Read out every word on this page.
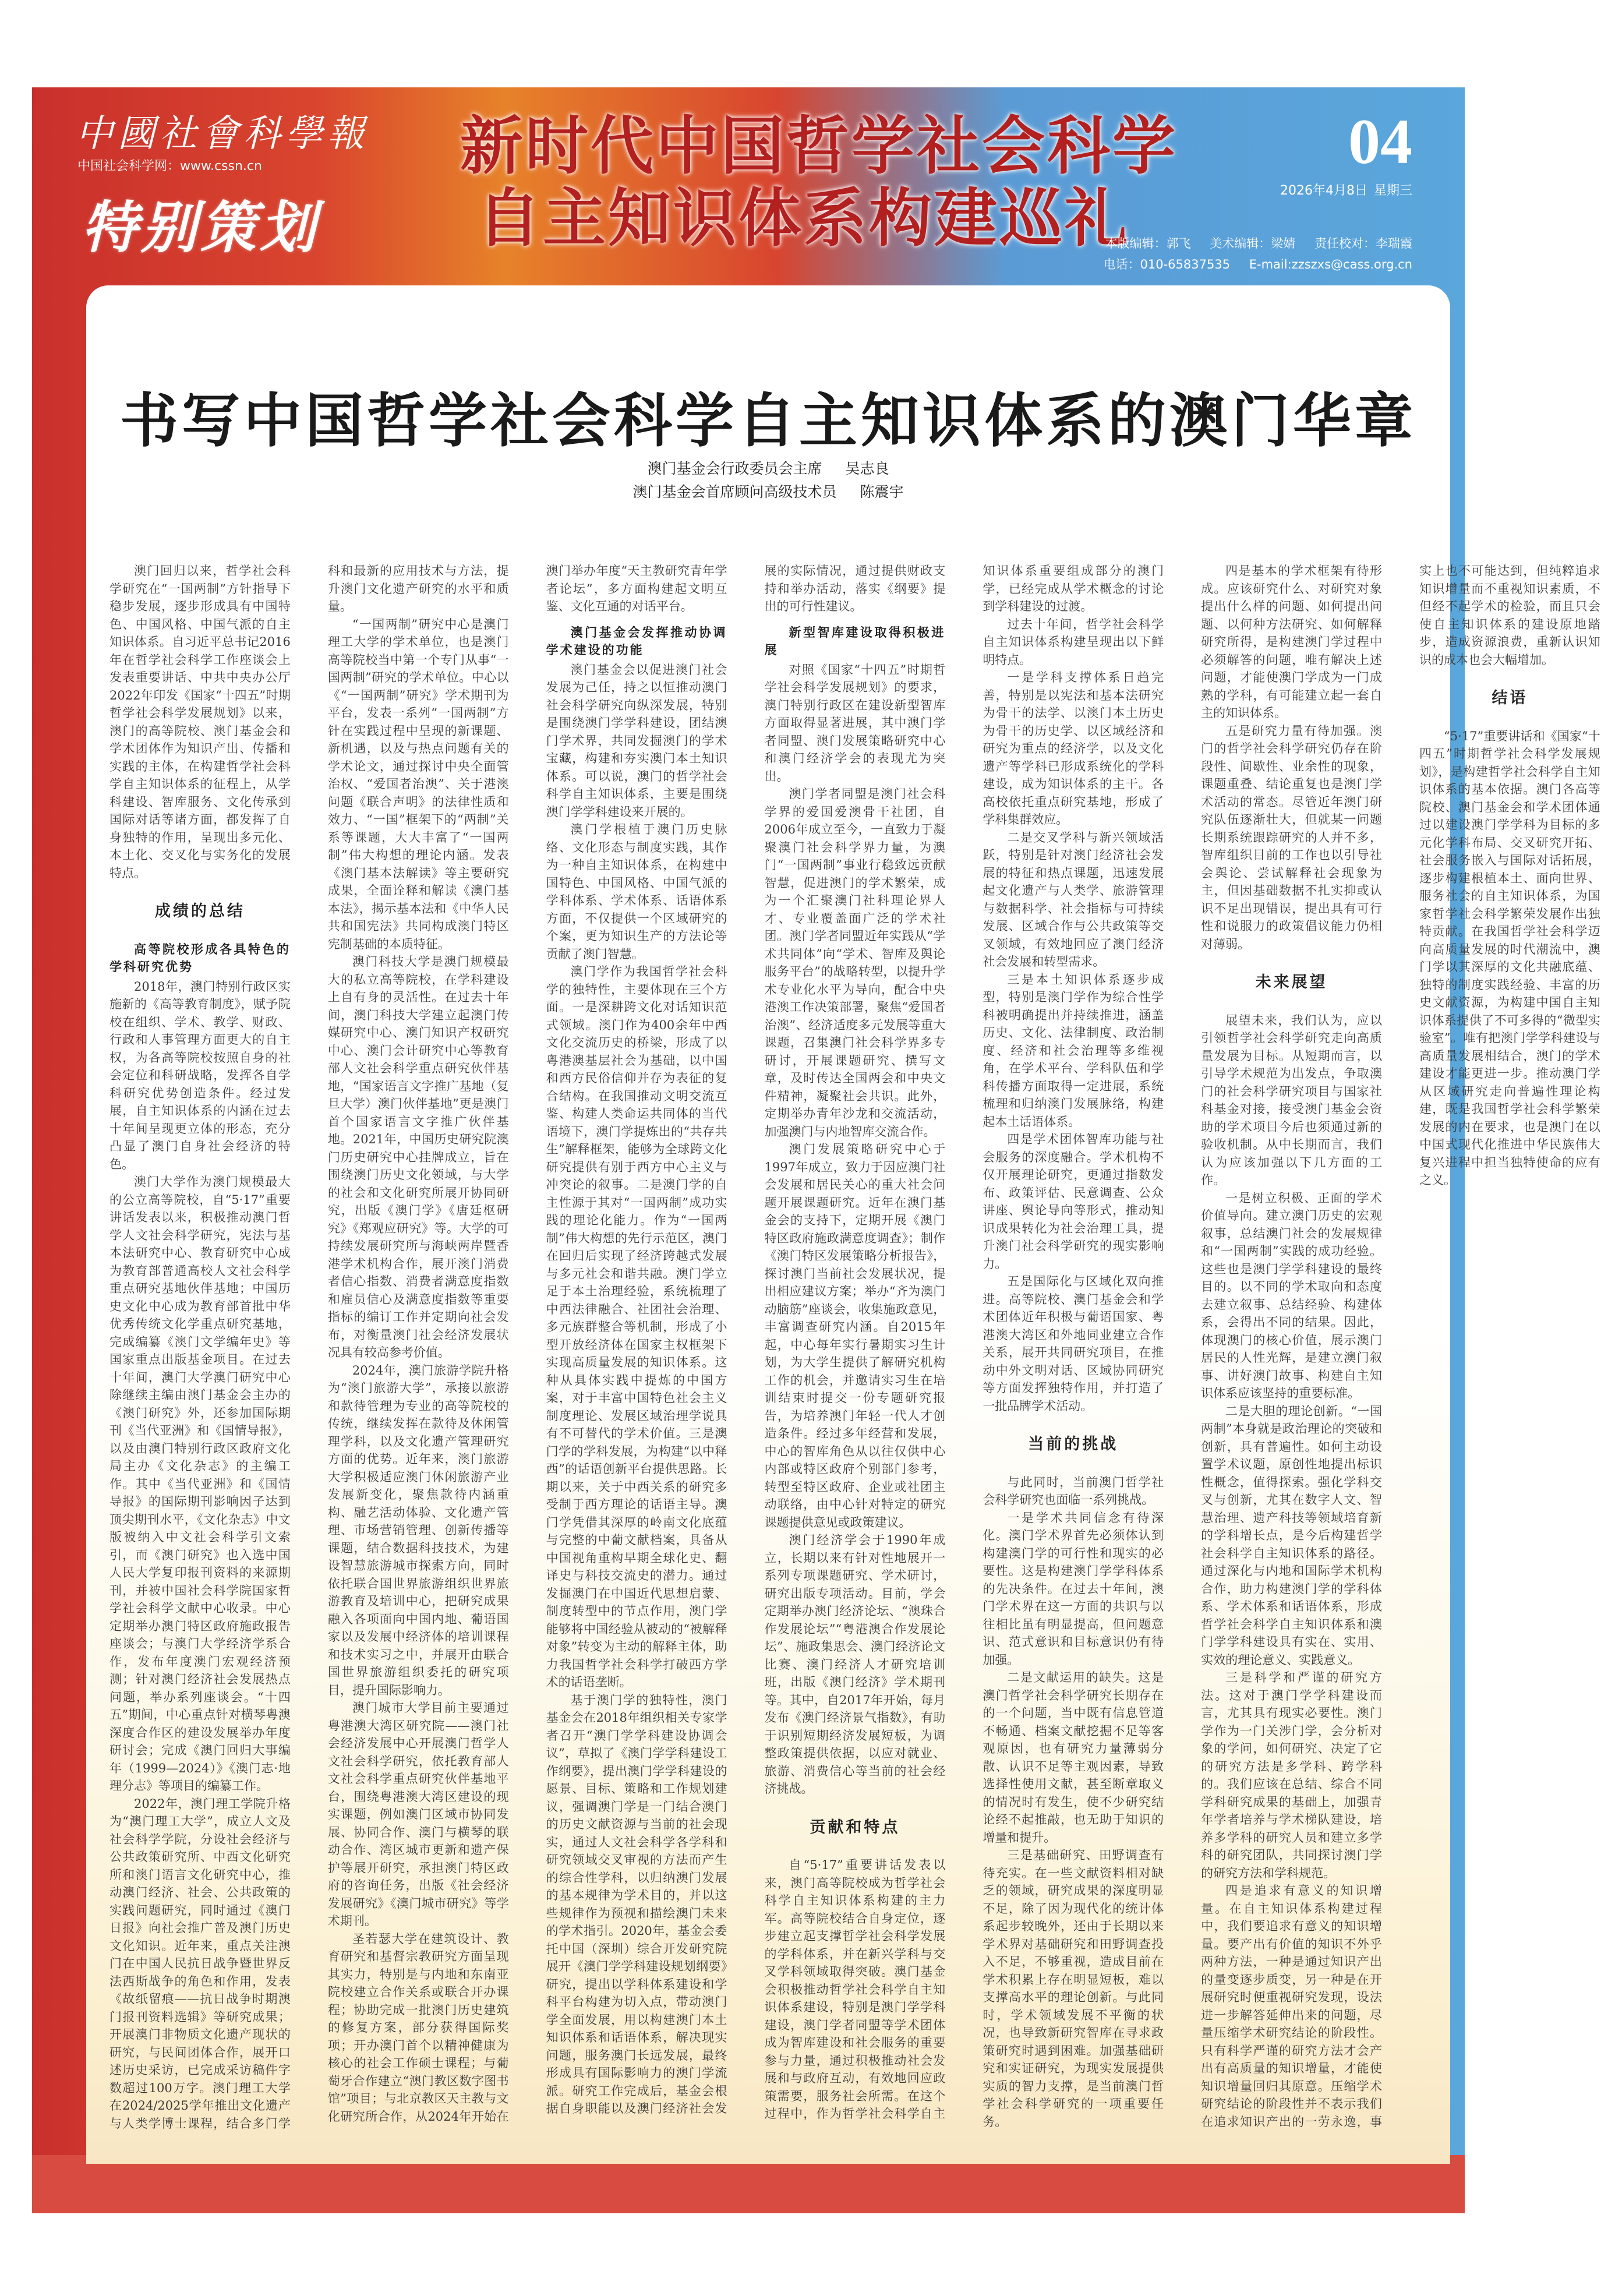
中國社會科學報
中国社会科学网：www.cssn.cn
特别策划
新时代中国哲学社会科学
自主知识体系构建巡礼
04
2026年4月8日 星期三
本版编辑：郭飞 美术编辑：梁婧 责任校对：李瑞霞
电话：010-65837535 E-mail:zzszxs@cass.org.cn
书写中国哲学社会科学自主知识体系的澳门华章
澳门基金会行政委员会主席 吴志良
澳门基金会首席顾问高级技术员 陈震宇

澳门回归以来，哲学社会科学研究在“一国两制”方针指导下稳步发展，逐步形成具有中国特色、中国风格、中国气派的自主知识体系。自习近平总书记2016年在哲学社会科学工作座谈会上发表重要讲话、中共中央办公厅2022年印发《国家“十四五”时期哲学社会科学发展规划》以来，澳门的高等院校、澳门基金会和学术团体作为知识产出、传播和实践的主体，在构建哲学社会科学自主知识体系的征程上，从学科建设、智库服务、文化传承到国际对话等诸方面，都发挥了自身独特的作用，呈现出多元化、本土化、交叉化与实务化的发展特点。

成绩的总结
高等院校形成各具特色的学科研究优势

2018年，澳门特别行政区实施新的《高等教育制度》，赋予院校在组织、学术、教学、财政、行政和人事管理方面更大的自主权，为各高等院校按照自身的社会定位和科研战略，发挥各自学科研究优势创造条件。经过发展，自主知识体系的内涵在过去十年间呈现更立体的形态，充分凸显了澳门自身社会经济的特色。

澳门大学作为澳门规模最大的公立高等院校，自“5·17”重要讲话发表以来，积极推动澳门哲学人文社会科学研究，宪法与基本法研究中心、教育研究中心成为教育部普通高校人文社会科学重点研究基地伙伴基地；中国历史文化中心成为教育部首批中华优秀传统文化学重点研究基地，完成编纂《澳门文学编年史》等国家重点出版基金项目。在过去十年间，澳门大学澳门研究中心除继续主编由澳门基金会主办的《澳门研究》外，还参加国际期刊《当代亚洲》和《国情导报》，以及由澳门特别行政区政府文化局主办《文化杂志》的主编工作。其中《当代亚洲》和《国情导报》的国际期刊影响因子达到顶尖期刊水平，《文化杂志》中文版被纳入中文社会科学引文索引，而《澳门研究》也入选中国人民大学复印报刊资料的来源期刊，并被中国社会科学院国家哲学社会科学文献中心收录。中心定期举办澳门特区政府施政报告座谈会；与澳门大学经济学系合作，发布年度澳门宏观经济预测；针对澳门经济社会发展热点问题，举办系列座谈会。“十四五”期间，中心重点针对横琴粤澳深度合作区的建设发展举办年度研讨会；完成《澳门回归大事编年（1999—2024）》《澳门志·地理分志》等项目的编纂工作。

2022年，澳门理工学院升格为“澳门理工大学”，成立人文及社会科学学院，分设社会经济与公共政策研究所、中西文化研究所和澳门语言文化研究中心，推动澳门经济、社会、公共政策的实践问题研究，同时通过《澳门日报》向社会推广普及澳门历史文化知识。近年来，重点关注澳门在中国人民抗日战争暨世界反法西斯战争的角色和作用，发表《故纸留痕——抗日战争时期澳门报刊资料选辑》等研究成果；开展澳门非物质文化遗产现状的研究，与民间团体合作，展开口述历史采访，已完成采访稿件字数超过100万字。澳门理工大学在2024/2025学年推出文化遗产与人类学博士课程，结合多门学科和最新的应用技术与方法，提升澳门文化遗产研究的水平和质量。

“一国两制”研究中心是澳门理工大学的学术单位，也是澳门高等院校当中第一个专门从事“一国两制”研究的学术单位。中心以《“一国两制”研究》学术期刊为平台，发表一系列“一国两制”方针在实践过程中呈现的新课题、新机遇，以及与热点问题有关的学术论文，通过探讨中央全面管治权、“爱国者治澳”、关于港澳问题《联合声明》的法律性质和效力、“一国”框架下的“两制”关系等课题，大大丰富了“一国两制”伟大构想的理论内涵。发表《澳门基本法解读》等主要研究成果，全面诠释和解读《澳门基本法》，揭示基本法和《中华人民共和国宪法》共同构成澳门特区宪制基础的本质特征。

澳门科技大学是澳门规模最大的私立高等院校，在学科建设上自有身的灵活性。在过去十年间，澳门科技大学建立起澳门传媒研究中心、澳门知识产权研究中心、澳门会计研究中心等教育部人文社会科学重点研究伙伴基地，“国家语言文字推广基地（复旦大学）澳门伙伴基地”更是澳门首个国家语言文字推广伙伴基地。2021年，中国历史研究院澳门历史研究中心挂牌成立，旨在围绕澳门历史文化领域，与大学的社会和文化研究所展开协同研究，出版《澳门学》《唐廷枢研究》《郑观应研究》等。大学的可持续发展研究所与海峡两岸暨香港学术机构合作，展开澳门消费者信心指数、消费者满意度指数和雇员信心及满意度指数等重要指标的编订工作并定期向社会发布，对衡量澳门社会经济发展状况具有较高参考价值。

2024年，澳门旅游学院升格为“澳门旅游大学”，承接以旅游和款待管理为专业的高等院校的传统，继续发挥在款待及休闲管理学科，以及文化遗产管理研究方面的优势。近年来，澳门旅游大学积极适应澳门休闲旅游产业发展新变化，聚焦款待内涵重构、融艺活动体验、文化遗产管理、市场营销管理、创新传播等课题，结合数据科技技术，为建设智慧旅游城市探索方向，同时依托联合国世界旅游组织世界旅游教育及培训中心，把研究成果融入各项面向中国内地、葡语国家以及发展中经济体的培训课程和技术实习之中，并展开由联合国世界旅游组织委托的研究项目，提升国际影响力。

澳门城市大学目前主要通过粤港澳大湾区研究院——澳门社会经济发展中心开展澳门哲学人文社会科学研究，依托教育部人文社会科学重点研究伙伴基地平台，围绕粤港澳大湾区建设的现实课题，例如澳门区域市协同发展、协同合作、澳门与横琴的联动合作、湾区城市更新和遗产保护等展开研究，承担澳门特区政府的咨询任务，出版《社会经济发展研究》《澳门城市研究》等学术期刊。

圣若瑟大学在建筑设计、教育研究和基督宗教研究方面呈现其实力，特别是与内地和东南亚院校建立合作关系或联合开办课程；协助完成一批澳门历史建筑的修复方案，部分获得国际奖项；开办澳门首个以精神健康为核心的社会工作硕士课程；与葡萄牙合作建立“澳门教区数字图书馆”项目；与北京教区天主教与文化研究所合作，从2024年开始在澳门举办年度“天主教研究青年学者论坛”，多方面构建起文明互鉴、文化互通的对话平台。

澳门基金会发挥推动协调学术建设的功能

澳门基金会以促进澳门社会发展为己任，持之以恒推动澳门社会科学研究向纵深发展，特别是围绕澳门学学科建设，团结澳门学术界，共同发掘澳门的学术宝藏，构建和夯实澳门本土知识体系。可以说，澳门的哲学社会科学自主知识体系，主要是围绕澳门学学科建设来开展的。

澳门学根植于澳门历史脉络、文化形态与制度实践，其作为一种自主知识体系，在构建中国特色、中国风格、中国气派的学科体系、学术体系、话语体系方面，不仅提供一个区域研究的个案，更为知识生产的方法论等贡献了澳门智慧。

澳门学作为我国哲学社会科学的独特性，主要体现在三个方面。一是深耕跨文化对话知识范式领域。澳门作为400余年中西文化交流历史的桥梁，形成了以粤港澳基层社会为基础，以中国和西方民俗信仰并存为表征的复合结构。在我国推动文明交流互鉴、构建人类命运共同体的当代语境下，澳门学提炼出的“共存共生”解释框架，能够为全球跨文化研究提供有别于西方中心主义与冲突论的叙事。二是澳门学的自主性源于其对“一国两制”成功实践的理论化能力。作为“一国两制”伟大构想的先行示范区，澳门在回归后实现了经济跨越式发展与多元社会和谐共融。澳门学立足于本土治理经验，系统梳理了中西法律融合、社团社会治理、多元族群整合等机制，形成了小型开放经济体在国家主权框架下实现高质量发展的知识体系。这种从具体实践中提炼的中国方案，对于丰富中国特色社会主义制度理论、发展区域治理学说具有不可替代的学术价值。三是澳门学的学科发展，为构建“以中释西”的话语创新平台提供思路。长期以来，关于中西关系的研究多受制于西方理论的话语主导。澳门学凭借其深厚的岭南文化底蕴与完整的中葡文献档案，具备从中国视角重构早期全球化史、翻译史与科技交流史的潜力。通过发掘澳门在中国近代思想启蒙、制度转型中的节点作用，澳门学能够将中国经验从被动的“被解释对象”转变为主动的解释主体，助力我国哲学社会科学打破西方学术的话语垄断。

基于澳门学的独特性，澳门基金会在2018年组织相关专家学者召开“澳门学学科建设协调会议”，草拟了《澳门学学科建设工作纲要》，提出澳门学学科建设的愿景、目标、策略和工作规划建议，强调澳门学是一门结合澳门的历史文献资源与当前的社会现实，通过人文社会科学各学科和研究领域交叉审视的方法而产生的综合性学科，以归纳澳门发展的基本规律为学术目的，并以这些规律作为预视和描绘澳门未来的学术指引。2020年，基金会委托中国（深圳）综合开发研究院展开《澳门学学科建设规划纲要》研究，提出以学科体系建设和学科平台构建为切入点，带动澳门学全面发展，用以构建澳门本土知识体系和话语体系，解决现实问题，服务澳门长远发展，最终形成具有国际影响力的澳门学流派。研究工作完成后，基金会根据自身职能以及澳门经济社会发展的实际情况，通过提供财政支持和举办活动，落实《纲要》提出的可行性建议。

新型智库建设取得积极进展

对照《国家“十四五”时期哲学社会科学发展规划》的要求，澳门特别行政区在建设新型智库方面取得显著进展，其中澳门学者同盟、澳门发展策略研究中心和澳门经济学会的表现尤为突出。

澳门学者同盟是澳门社会科学界的爱国爱澳骨干社团，自2006年成立至今，一直致力于凝聚澳门社会科学界力量，为澳门“一国两制”事业行稳致远贡献智慧，促进澳门的学术繁荣，成为一个汇聚澳门社科理论界人才、专业覆盖面广泛的学术社团。澳门学者同盟近年实践从“学术共同体”向“学术、智库及舆论服务平台”的战略转型，以提升学术专业化水平为导向，配合中央港澳工作决策部署，聚焦“爱国者治澳”、经济适度多元发展等重大课题，召集澳门社会科学界多专研讨，开展课题研究、撰写文章，及时传达全国两会和中央文件精神，凝聚社会共识。此外，定期举办青年沙龙和交流活动，加强澳门与内地智库交流合作。

澳门发展策略研究中心于1997年成立，致力于因应澳门社会发展和居民关心的重大社会问题开展课题研究。近年在澳门基金会的支持下，定期开展《澳门特区政府施政满意度调查》；制作《澳门特区发展策略分析报告》，探讨澳门当前社会发展状况，提出相应建议方案；举办“齐为澳门动脑筋”座谈会，收集施政意见，丰富调查研究内涵。自2015年起，中心每年实行暑期实习生计划，为大学生提供了解研究机构工作的机会，并邀请实习生在培训结束时提交一份专题研究报告，为培养澳门年轻一代人才创造条件。经过多年经营和发展，中心的智库角色从以往仅供中心内部或特区政府个别部门参考，转型至特区政府、企业或社团主动联络，由中心针对特定的研究课题提供意见或政策建议。

澳门经济学会于1990年成立，长期以来有针对性地展开一系列专项课题研究、学术研讨，研究出版专项活动。目前，学会定期举办澳门经济论坛、“澳珠合作发展论坛”“粤港澳合作发展论坛”、施政集思会、澳门经济论文比赛、澳门经济人才研究培训班，出版《澳门经济》学术期刊等。其中，自2017年开始，每月发布《澳门经济景气指数》，有助于识别短期经济发展短板，为调整政策提供依据，以应对就业、旅游、消费信心等当前的社会经济挑战。

贡献和特点

自“5·17”重要讲话发表以来，澳门高等院校成为哲学社会科学自主知识体系构建的主力军。高等院校结合自身定位，逐步建立起支撑哲学社会科学发展的学科体系，并在新兴学科与交叉学科领域取得突破。澳门基金会积极推动哲学社会科学自主知识体系建设，特别是澳门学学科建设，澳门学者同盟等学术团体成为智库建设和社会服务的重要参与力量，通过积极推动社会发展和与政府互动，有效地回应政策需要，服务社会所需。在这个过程中，作为哲学社会科学自主知识体系重要组成部分的澳门学，已经完成从学术概念的讨论到学科建设的过渡。

过去十年间，哲学社会科学自主知识体系构建呈现出以下鲜明特点。

一是学科支撑体系日趋完善，特别是以宪法和基本法研究为骨干的法学、以澳门本土历史为骨干的历史学、以区域经济和研究为重点的经济学，以及文化遗产等学科已形成系统化的学科建设，成为知识体系的主干。各高校依托重点研究基地，形成了学科集群效应。

二是交叉学科与新兴领域活跃，特别是针对澳门经济社会发展的特征和热点课题，迅速发展起文化遗产与人类学、旅游管理与数据科学、社会指标与可持续发展、区域合作与公共政策等交叉领域，有效地回应了澳门经济社会发展和转型需求。

三是本土知识体系逐步成型，特别是澳门学作为综合性学科被明确提出并持续推进，涵盖历史、文化、法律制度、政治制度、经济和社会治理等多维视角，在学术平台、学科队伍和学科传播方面取得一定进展，系统梳理和归纳澳门发展脉络，构建起本土话语体系。

四是学术团体智库功能与社会服务的深度融合。学术机构不仅开展理论研究，更通过指数发布、政策评估、民意调查、公众讲座、舆论导向等形式，推动知识成果转化为社会治理工具，提升澳门社会科学研究的现实影响力。

五是国际化与区域化双向推进。高等院校、澳门基金会和学术团体近年积极与葡语国家、粤港澳大湾区和外地同业建立合作关系，展开共同研究项目，在推动中外文明对话、区域协同研究等方面发挥独特作用，并打造了一批品牌学术活动。

当前的挑战

与此同时，当前澳门哲学社会科学研究也面临一系列挑战。

一是学术共同信念有待深化。澳门学术界首先必须体认到构建澳门学的可行性和现实的必要性。这是构建澳门学学科体系的先决条件。在过去十年间，澳门学术界在这一方面的共识与以往相比虽有明显提高，但问题意识、范式意识和目标意识仍有待加强。

二是文献运用的缺失。这是澳门哲学社会科学研究长期存在的一个问题，当中既有信息管道不畅通、档案文献挖掘不足等客观原因，也有研究力量薄弱分散、认识不足等主观因素，导致选择性使用文献，甚至断章取义的情况时有发生，使不少研究结论经不起推敲，也无助于知识的增量和提升。

三是基础研究、田野调查有待充实。在一些文献资料相对缺乏的领域，研究成果的深度明显不足，除了因为现代化的统计体系起步较晚外，还由于长期以来学术界对基础研究和田野调查投入不足，不够重视，造成目前在学术积累上存在明显短板，难以支撑高水平的理论创新。与此同时，学术领域发展不平衡的状况，也导致新研究智库在寻求政策研究时遇到困难。加强基础研究和实证研究，为现实发展提供实质的智力支撑，是当前澳门哲学社会科学研究的一项重要任务。

四是基本的学术框架有待形成。应该研究什么、对研究对象提出什么样的问题、如何提出问题、以何种方法研究、如何解释研究所得，是构建澳门学过程中必须解答的问题，唯有解决上述问题，才能使澳门学成为一门成熟的学科，有可能建立起一套自主的知识体系。

五是研究力量有待加强。澳门的哲学社会科学研究仍存在阶段性、间歇性、业余性的现象，课题重叠、结论重复也是澳门学术活动的常态。尽管近年澳门研究队伍逐渐壮大，但就某一问题长期系统跟踪研究的人并不多，智库组织目前的工作也以引导社会舆论、尝试解释社会现象为主，但因基础数据不扎实抑或认识不足出现错误，提出具有可行性和说服力的政策倡议能力仍相对薄弱。

未来展望

展望未来，我们认为，应以引领哲学社会科学研究走向高质量发展为目标。从短期而言，以引导学术规范为出发点，争取澳门的社会科学研究项目与国家社科基金对接，接受澳门基金会资助的学术项目今后也须通过新的验收机制。从中长期而言，我们认为应该加强以下几方面的工作。

一是树立积极、正面的学术价值导向。建立澳门历史的宏观叙事，总结澳门社会的发展规律和“一国两制”实践的成功经验。这些也是澳门学学科建设的最终目的。以不同的学术取向和态度去建立叙事、总结经验、构建体系，会得出不同的结果。因此，体现澳门的核心价值，展示澳门居民的人性光辉，是建立澳门叙事、讲好澳门故事、构建自主知识体系应该坚持的重要标准。

二是大胆的理论创新。“一国两制”本身就是政治理论的突破和创新，具有普遍性。如何主动设置学术议题，原创性地提出标识性概念，值得探索。强化学科交叉与创新，尤其在数字人文、智慧治理、遗产科技等领域培育新的学科增长点，是今后构建哲学社会科学自主知识体系的路径。通过深化与内地和国际学术机构合作，助力构建澳门学的学科体系、学术体系和话语体系，形成哲学社会科学自主知识体系和澳门学学科建设具有实在、实用、实效的理论意义、实践意义。

三是科学和严谨的研究方法。这对于澳门学学科建设而言，尤其具有现实必要性。澳门学作为一门关涉门学，会分析对象的学问，如何研究、决定了它的研究方法是多学科、跨学科的。我们应该在总结、综合不同学科研究成果的基础上，加强青年学者培养与学术梯队建设，培养多学科的研究人员和建立多学科的研究团队，共同探讨澳门学的研究方法和学科规范。

四是追求有意义的知识增量。在自主知识体系构建过程中，我们要追求有意义的知识增量。要产出有价值的知识不外乎两种方法，一种是通过知识产出的量变逐步质变，另一种是在开展研究时便重视研究发现，设法进一步解答延伸出来的问题，尽量压缩学术研究结论的阶段性。只有科学严谨的研究方法才会产出有高质量的知识增量，才能使知识增量回归其原意。压缩学术研究结论的阶段性并不表示我们在追求知识产出的一劳永逸，事实上也不可能达到，但纯粹追求知识增量而不重视知识素质，不但经不起学术的检验，而且只会使自主知识体系的建设原地踏步，造成资源浪费，重新认识知识的成本也会大幅增加。

结语

“5·17”重要讲话和《国家“十四五”时期哲学社会科学发展规划》，是构建哲学社会科学自主知识体系的基本依据。澳门各高等院校、澳门基金会和学术团体通过以建设澳门学学科为目标的多元化学科布局、交叉研究开拓、社会服务嵌入与国际对话拓展，逐步构建根植本土、面向世界、服务社会的自主知识体系，为国家哲学社会科学繁荣发展作出独特贡献。在我国哲学社会科学迈向高质量发展的时代潮流中，澳门学以其深厚的文化共融底蕴、独特的制度实践经验、丰富的历史文献资源，为构建中国自主知识体系提供了不可多得的“微型实验室”。唯有把澳门学学科建设与高质量发展相结合，澳门的学术建设才能更进一步。推动澳门学从区域研究走向普遍性理论构建，既是我国哲学社会科学繁荣发展的内在要求，也是澳门在以中国式现代化推进中华民族伟大复兴进程中担当独特使命的应有之义。
